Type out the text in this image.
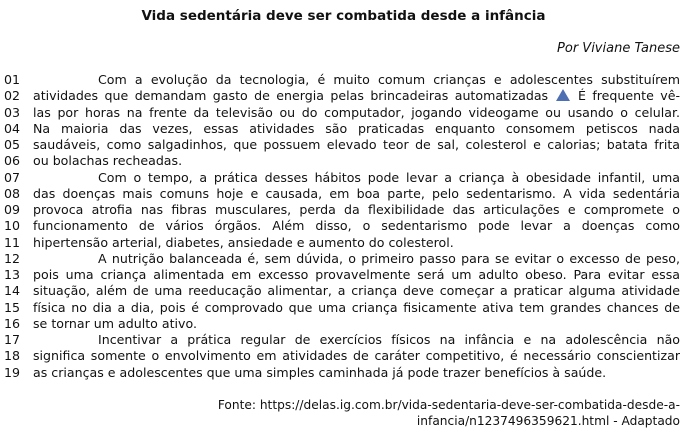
Vida sedentária deve ser combatida desde a infância
Por Viviane Tanese
01	Com a evolução da tecnologia, é muito comum crianças e adolescentes substituírem
02	atividades que demandam gasto de energia pelas brincadeiras automatizadas É frequente vê-
03	las por horas na frente da televisão ou do computador, jogando videogame ou usando o celular.
04	Na maioria das vezes, essas atividades são praticadas enquanto consomem petiscos nada
05	saudáveis, como salgadinhos, que possuem elevado teor de sal, colesterol e calorias; batata frita
06	ou bolachas recheadas.
07	Com o tempo, a prática desses hábitos pode levar a criança à obesidade infantil, uma
08	das doenças mais comuns hoje e causada, em boa parte, pelo sedentarismo. A vida sedentária
09	provoca atrofia nas fibras musculares, perda da flexibilidade das articulações e compromete o
10	funcionamento de vários órgãos. Além disso, o sedentarismo pode levar a doenças como
11	hipertensão arterial, diabetes, ansiedade e aumento do colesterol.
12	A nutrição balanceada é, sem dúvida, o primeiro passo para se evitar o excesso de peso,
13	pois uma criança alimentada em excesso provavelmente será um adulto obeso. Para evitar essa
14	situação, além de uma reeducação alimentar, a criança deve começar a praticar alguma atividade
15	física no dia a dia, pois é comprovado que uma criança fisicamente ativa tem grandes chances de
16	se tornar um adulto ativo.
17	Incentivar a prática regular de exercícios físicos na infância e na adolescência não
18	significa somente o envolvimento em atividades de caráter competitivo, é necessário conscientizar
19	as crianças e adolescentes que uma simples caminhada já pode trazer benefícios à saúde.
Fonte: https://delas.ig.com.br/vida-sedentaria-deve-ser-combatida-desde-a-
infancia/n1237496359621.html - Adaptado
